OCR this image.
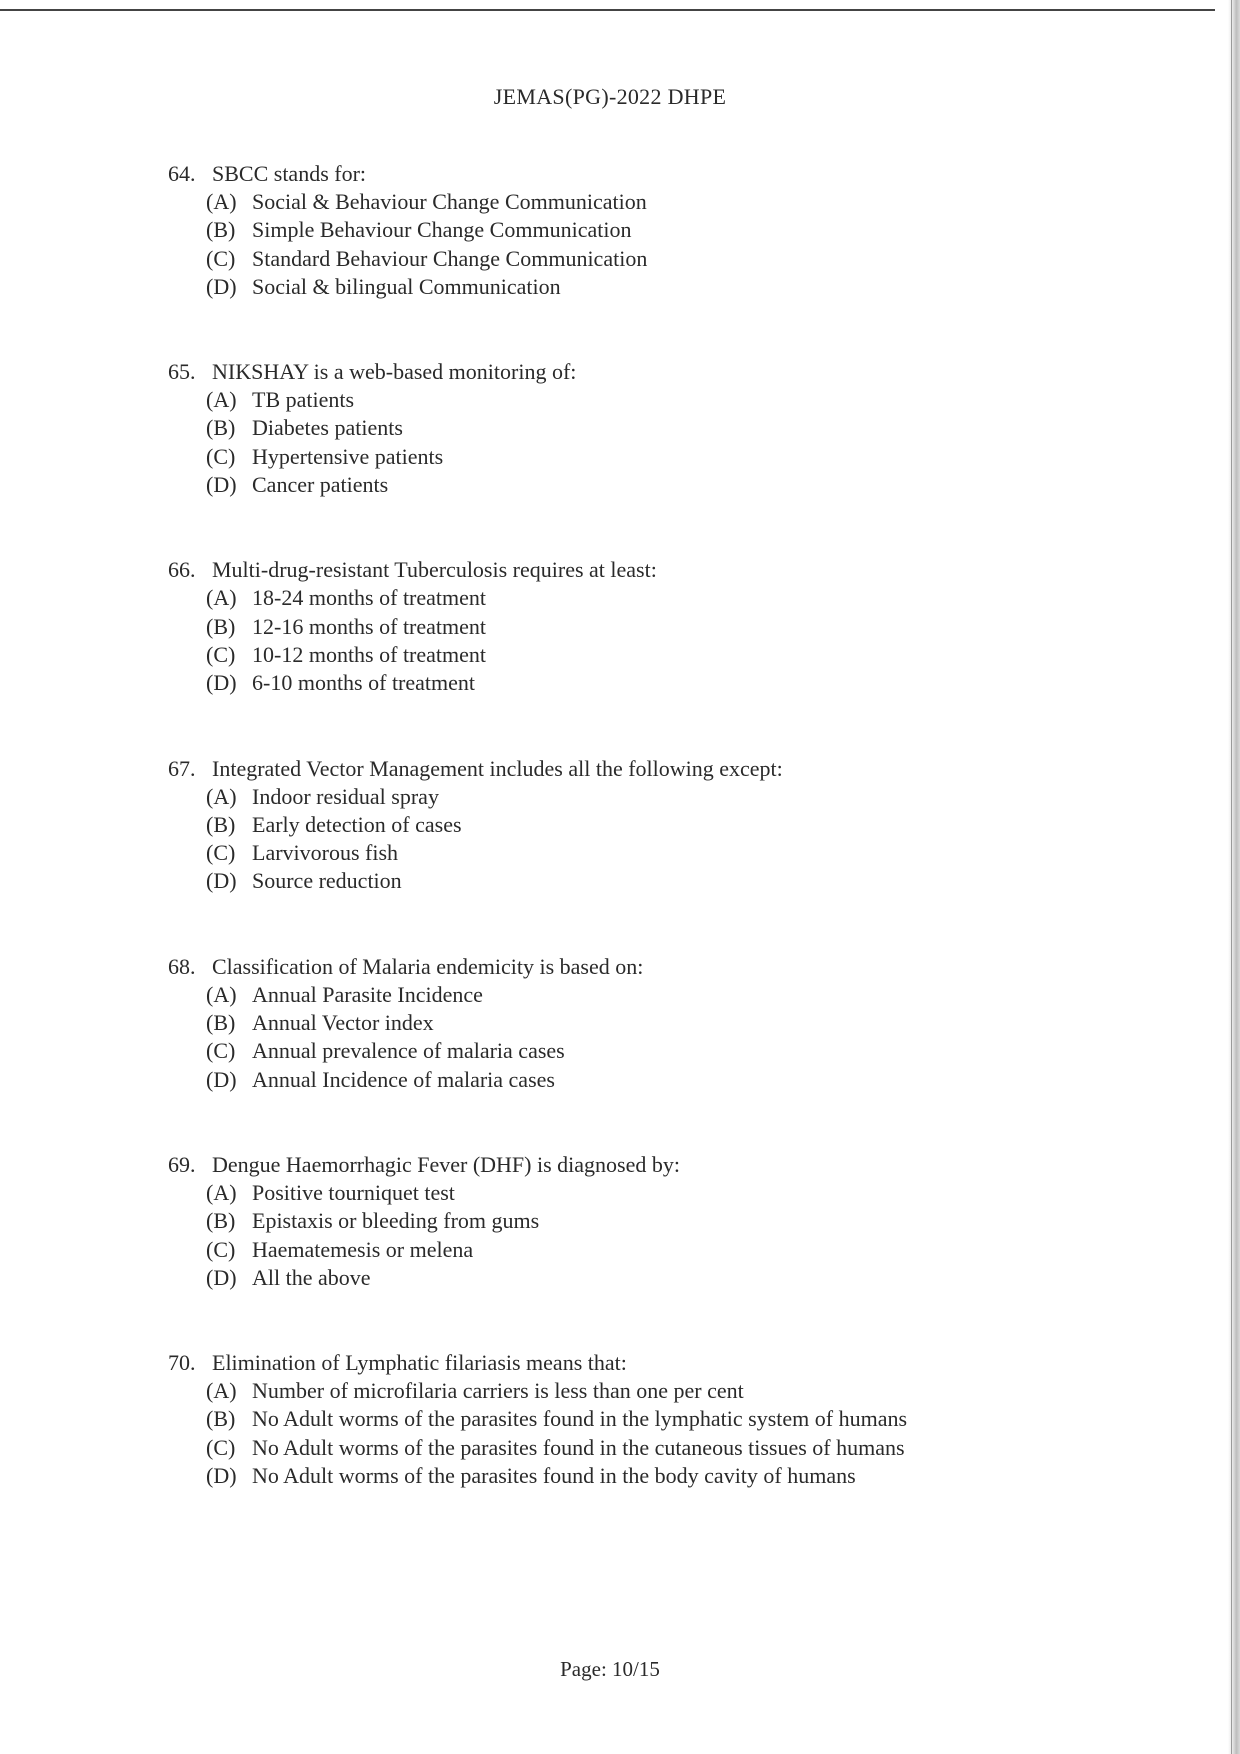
JEMAS(PG)-2022 DHPE
64. SBCC stands for:
(A) Social & Behaviour Change Communication
(B) Simple Behaviour Change Communication
(C) Standard Behaviour Change Communication
(D) Social & bilingual Communication
65. NIKSHAY is a web-based monitoring of:
(A) TB patients
(B) Diabetes patients
(C) Hypertensive patients
(D) Cancer patients
66. Multi-drug-resistant Tuberculosis requires at least:
(A) 18-24 months of treatment
(B) 12-16 months of treatment
(C) 10-12 months of treatment
(D) 6-10 months of treatment
67. Integrated Vector Management includes all the following except:
(A) Indoor residual spray
(B) Early detection of cases
(C) Larvivorous fish
(D) Source reduction
68. Classification of Malaria endemicity is based on:
(A) Annual Parasite Incidence
(B) Annual Vector index
(C) Annual prevalence of malaria cases
(D) Annual Incidence of malaria cases
69. Dengue Haemorrhagic Fever (DHF) is diagnosed by:
(A) Positive tourniquet test
(B) Epistaxis or bleeding from gums
(C) Haematemesis or melena
(D) All the above
70. Elimination of Lymphatic filariasis means that:
(A) Number of microfilaria carriers is less than one per cent
(B) No Adult worms of the parasites found in the lymphatic system of humans
(C) No Adult worms of the parasites found in the cutaneous tissues of humans
(D) No Adult worms of the parasites found in the body cavity of humans
Page: 10/15
